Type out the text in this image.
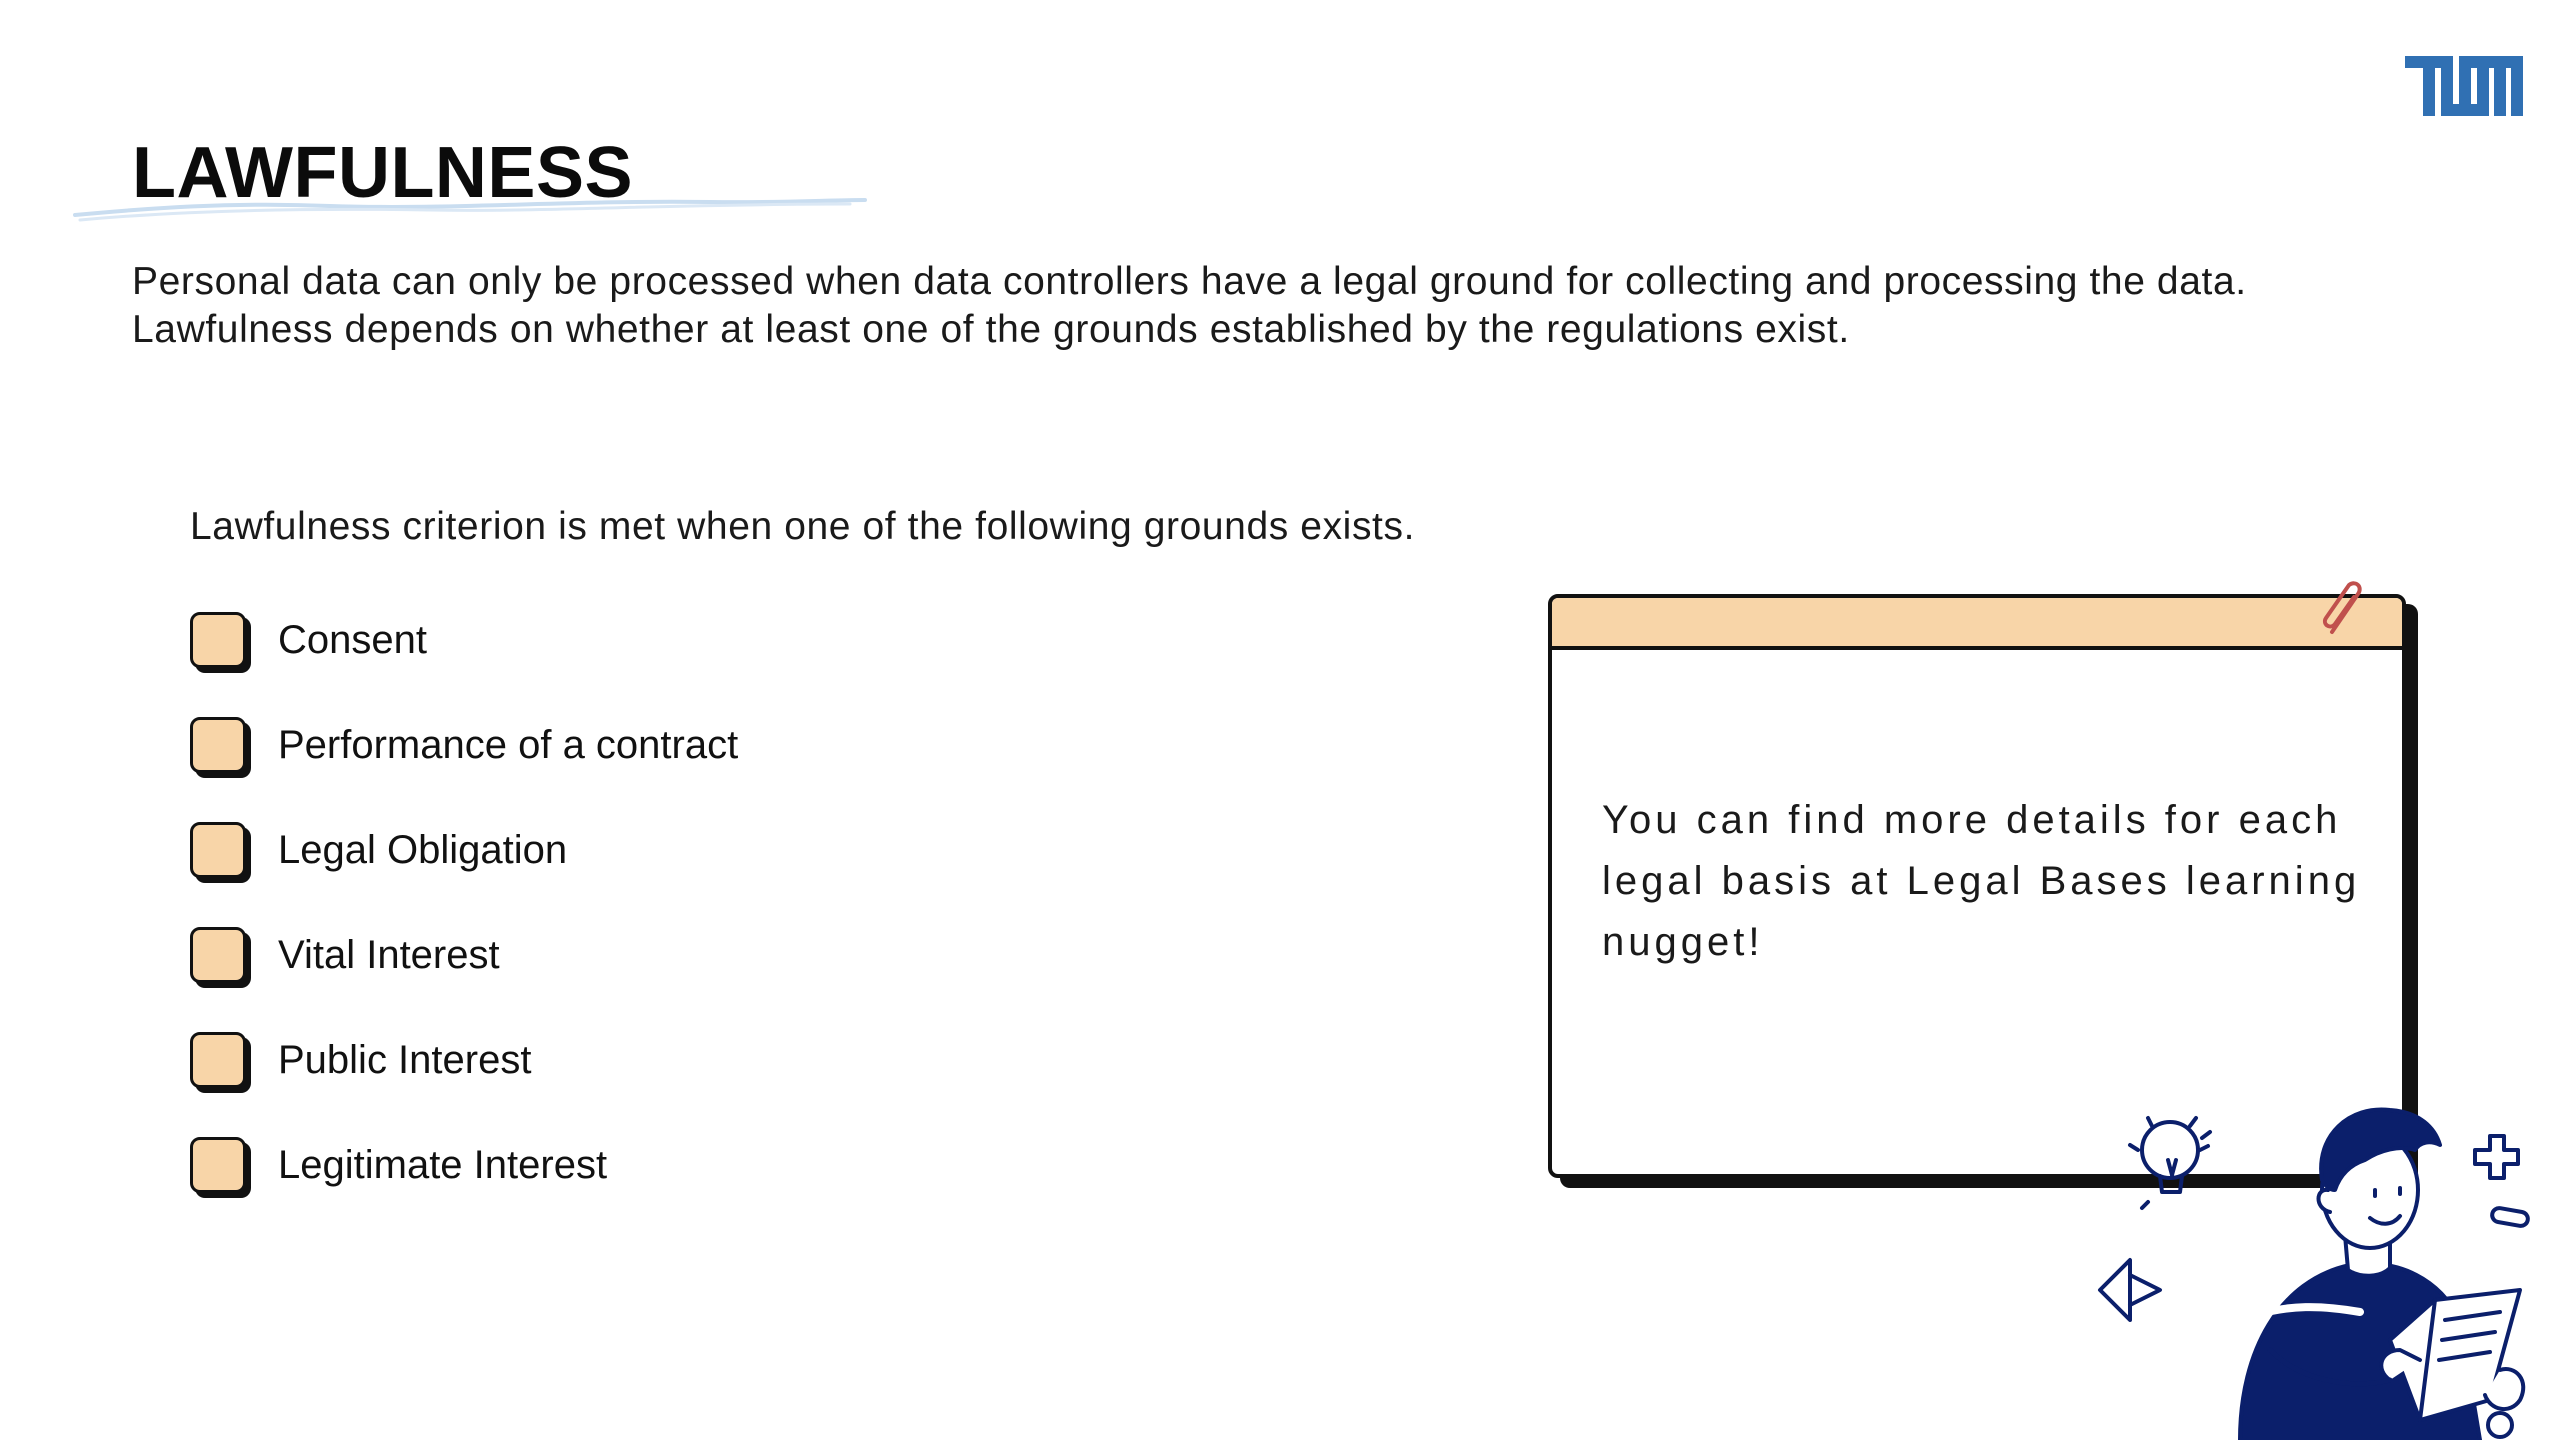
LAWFULNESS

Personal data can only be processed when data controllers have a legal ground for collecting and processing the data. Lawfulness depends on whether at least one of the grounds established by the regulations exist.

Lawfulness criterion is met when one of the following grounds exists.

Consent
Performance of a contract
Legal Obligation
Vital Interest
Public Interest
Legitimate Interest

You can find more details for each legal basis at Legal Bases learning nugget!
